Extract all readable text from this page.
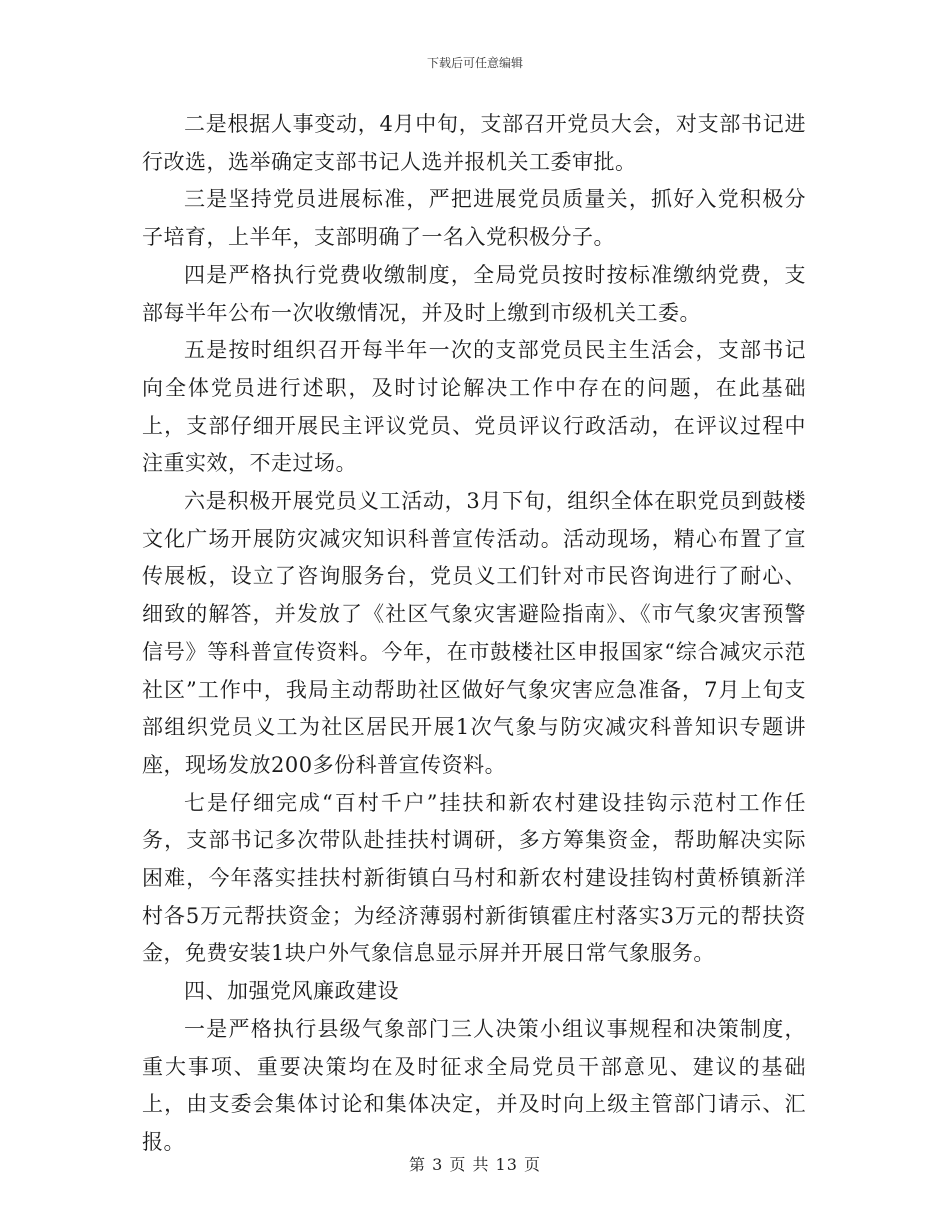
下载后可任意编辑

二是根据人事变动，4月中旬，支部召开党员大会，对支部书记进行改选，选举确定支部书记人选并报机关工委审批。

三是坚持党员进展标准，严把进展党员质量关，抓好入党积极分子培育，上半年，支部明确了一名入党积极分子。

四是严格执行党费收缴制度，全局党员按时按标准缴纳党费，支部每半年公布一次收缴情况，并及时上缴到市级机关工委。

五是按时组织召开每半年一次的支部党员民主生活会，支部书记向全体党员进行述职，及时讨论解决工作中存在的问题，在此基础上，支部仔细开展民主评议党员、党员评议行政活动，在评议过程中注重实效，不走过场。

六是积极开展党员义工活动，3月下旬，组织全体在职党员到鼓楼文化广场开展防灾减灾知识科普宣传活动。活动现场，精心布置了宣传展板，设立了咨询服务台，党员义工们针对市民咨询进行了耐心、细致的解答，并发放了《社区气象灾害避险指南》、《市气象灾害预警信号》等科普宣传资料。今年，在市鼓楼社区申报国家“综合减灾示范社区”工作中，我局主动帮助社区做好气象灾害应急准备，7月上旬支部组织党员义工为社区居民开展1次气象与防灾减灾科普知识专题讲座，现场发放200多份科普宣传资料。

七是仔细完成“百村千户”挂扶和新农村建设挂钩示范村工作任务，支部书记多次带队赴挂扶村调研，多方筹集资金，帮助解决实际困难，今年落实挂扶村新街镇白马村和新农村建设挂钩村黄桥镇新洋村各5万元帮扶资金；为经济薄弱村新街镇霍庄村落实3万元的帮扶资金，免费安装1块户外气象信息显示屏并开展日常气象服务。

四、加强党风廉政建设

一是严格执行县级气象部门三人决策小组议事规程和决策制度，重大事项、重要决策均在及时征求全局党员干部意见、建议的基础上，由支委会集体讨论和集体决定，并及时向上级主管部门请示、汇报。

第 3 页 共 13 页
